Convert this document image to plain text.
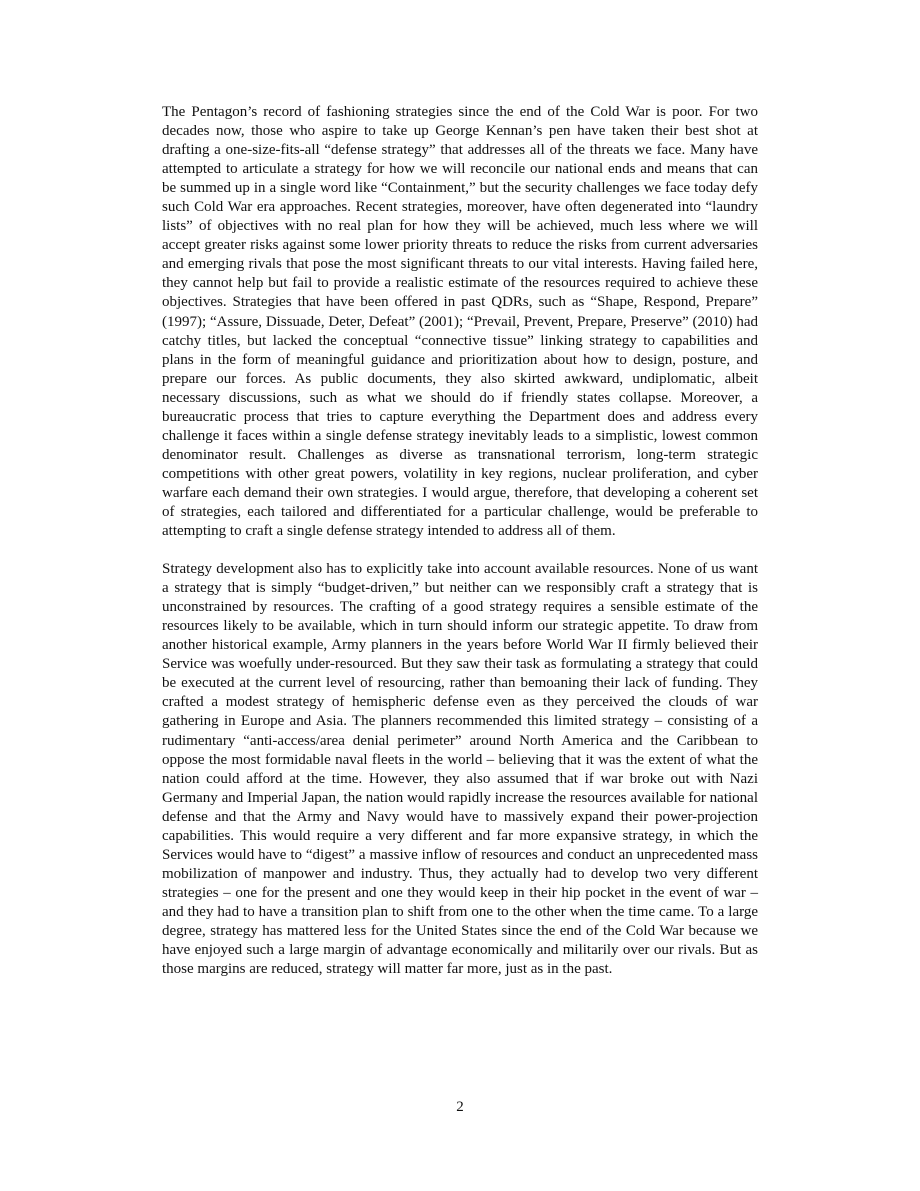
The Pentagon’s record of fashioning strategies since the end of the Cold War is poor. For two decades now, those who aspire to take up George Kennan’s pen have taken their best shot at drafting a one-size-fits-all “defense strategy” that addresses all of the threats we face. Many have attempted to articulate a strategy for how we will reconcile our national ends and means that can be summed up in a single word like “Containment,” but the security challenges we face today defy such Cold War era approaches. Recent strategies, moreover, have often degenerated into “laundry lists” of objectives with no real plan for how they will be achieved, much less where we will accept greater risks against some lower priority threats to reduce the risks from current adversaries and emerging rivals that pose the most significant threats to our vital interests. Having failed here, they cannot help but fail to provide a realistic estimate of the resources required to achieve these objectives. Strategies that have been offered in past QDRs, such as “Shape, Respond, Prepare” (1997); “Assure, Dissuade, Deter, Defeat” (2001); “Prevail, Prevent, Prepare, Preserve” (2010) had catchy titles, but lacked the conceptual “connective tissue” linking strategy to capabilities and plans in the form of meaningful guidance and prioritization about how to design, posture, and prepare our forces. As public documents, they also skirted awkward, undiplomatic, albeit necessary discussions, such as what we should do if friendly states collapse. Moreover, a bureaucratic process that tries to capture everything the Department does and address every challenge it faces within a single defense strategy inevitably leads to a simplistic, lowest common denominator result. Challenges as diverse as transnational terrorism, long-term strategic competitions with other great powers, volatility in key regions, nuclear proliferation, and cyber warfare each demand their own strategies. I would argue, therefore, that developing a coherent set of strategies, each tailored and differentiated for a particular challenge, would be preferable to attempting to craft a single defense strategy intended to address all of them.

Strategy development also has to explicitly take into account available resources. None of us want a strategy that is simply “budget-driven,” but neither can we responsibly craft a strategy that is unconstrained by resources. The crafting of a good strategy requires a sensible estimate of the resources likely to be available, which in turn should inform our strategic appetite. To draw from another historical example, Army planners in the years before World War II firmly believed their Service was woefully under-resourced. But they saw their task as formulating a strategy that could be executed at the current level of resourcing, rather than bemoaning their lack of funding. They crafted a modest strategy of hemispheric defense even as they perceived the clouds of war gathering in Europe and Asia. The planners recommended this limited strategy – consisting of a rudimentary “anti-access/area denial perimeter” around North America and the Caribbean to oppose the most formidable naval fleets in the world – believing that it was the extent of what the nation could afford at the time. However, they also assumed that if war broke out with Nazi Germany and Imperial Japan, the nation would rapidly increase the resources available for national defense and that the Army and Navy would have to massively expand their power-projection capabilities. This would require a very different and far more expansive strategy, in which the Services would have to “digest” a massive inflow of resources and conduct an unprecedented mass mobilization of manpower and industry. Thus, they actually had to develop two very different strategies – one for the present and one they would keep in their hip pocket in the event of war – and they had to have a transition plan to shift from one to the other when the time came. To a large degree, strategy has mattered less for the United States since the end of the Cold War because we have enjoyed such a large margin of advantage economically and militarily over our rivals. But as those margins are reduced, strategy will matter far more, just as in the past.

2
